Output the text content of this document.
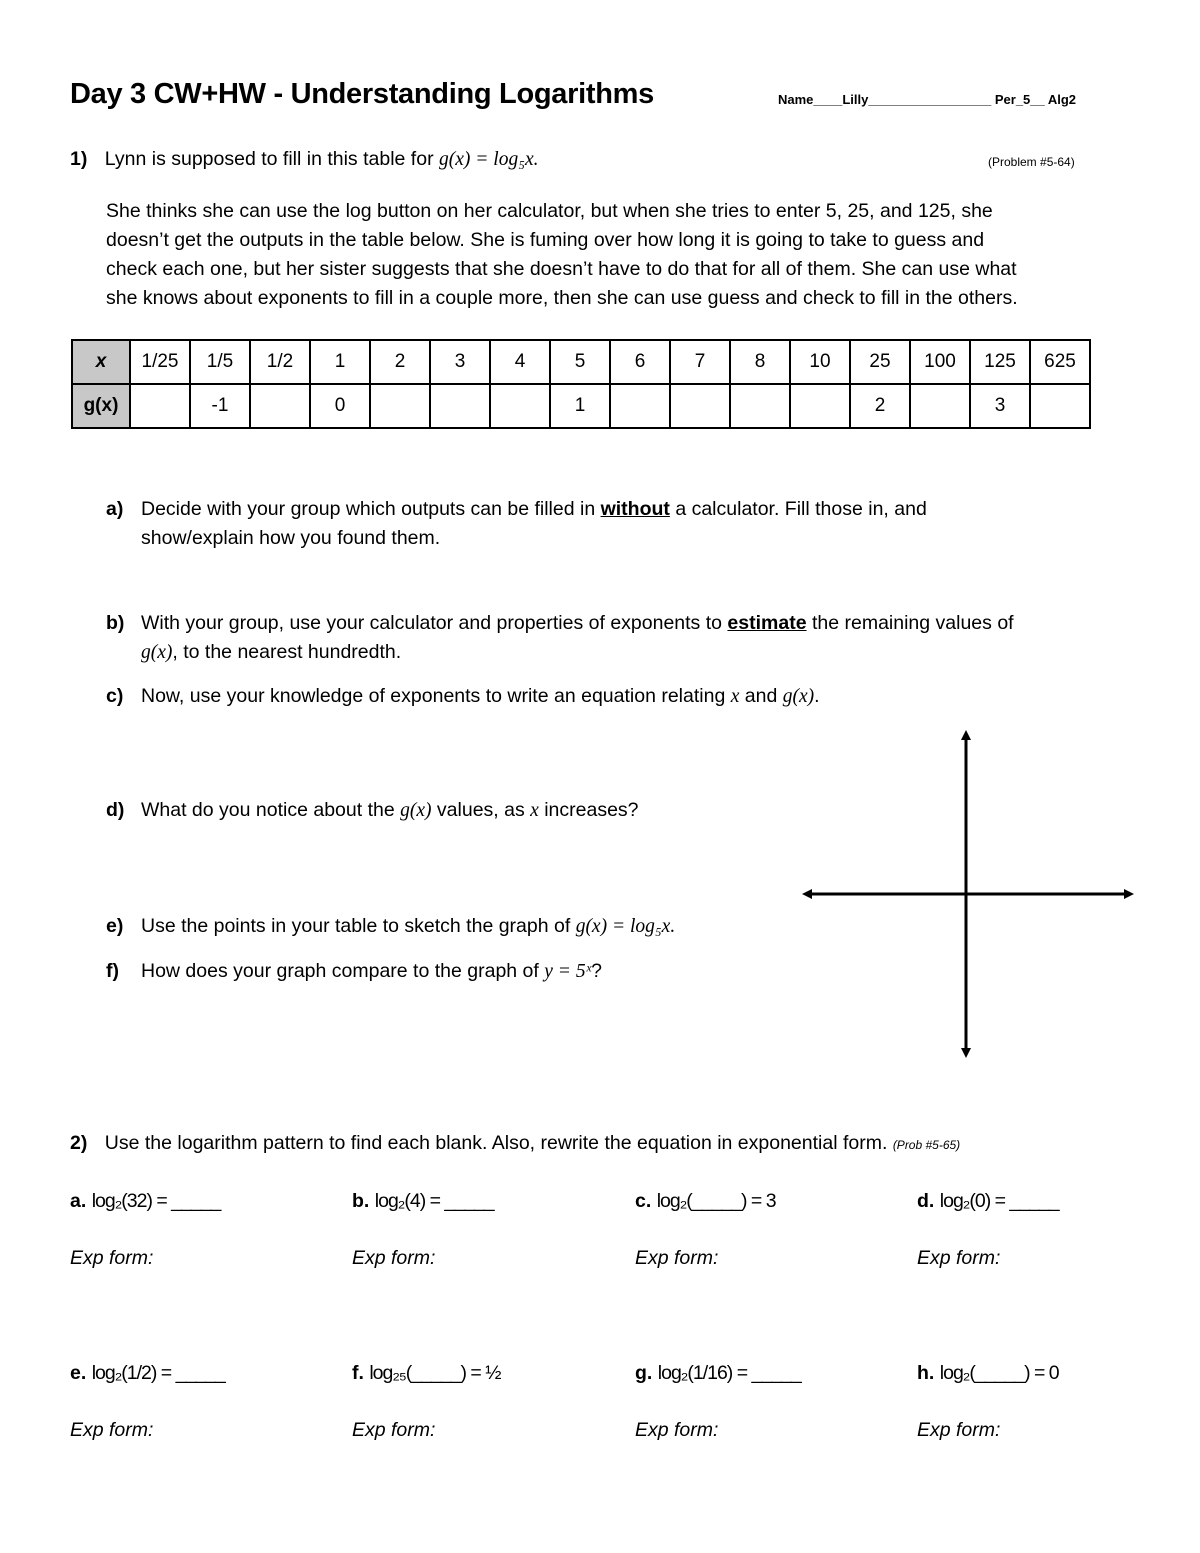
Day 3 CW+HW - Understanding Logarithms	Name____Lilly_________________ Per_5__ Alg2
1) Lynn is supposed to fill in this table for g(x) = log₅x.	(Problem #5-64)
She thinks she can use the log button on her calculator, but when she tries to enter 5, 25, and 125, she
doesn’t get the outputs in the table below. She is fuming over how long it is going to take to guess and
check each one, but her sister suggests that she doesn’t have to do that for all of them. She can use what
she knows about exponents to fill in a couple more, then she can use guess and check to fill in the others.
x	1/25	1/5	1/2	1	2	3	4	5	6	7	8	10	25	100	125	625
g(x)		-1		0				1					2		3	
a) Decide with your group which outputs can be filled in without a calculator. Fill those in, and
show/explain how you found them.
b) With your group, use your calculator and properties of exponents to estimate the remaining values of
g(x), to the nearest hundredth.
c) Now, use your knowledge of exponents to write an equation relating x and g(x).
d) What do you notice about the g(x) values, as x increases?
e) Use the points in your table to sketch the graph of g(x) = log₅x.
f) How does your graph compare to the graph of y = 5ˣ?
2) Use the logarithm pattern to find each blank. Also, rewrite the equation in exponential form. (Prob #5-65)
a. log₂(32) = _____	b. log₂(4) = _____	c. log₂(_____) = 3	d. log₂(0) = _____
Exp form:	Exp form:	Exp form:	Exp form:
e. log₂(1/2) = _____	f. log₂₅(_____) = ½	g. log₂(1/16) = _____	h. log₂(_____) = 0
Exp form:	Exp form:	Exp form:	Exp form:
